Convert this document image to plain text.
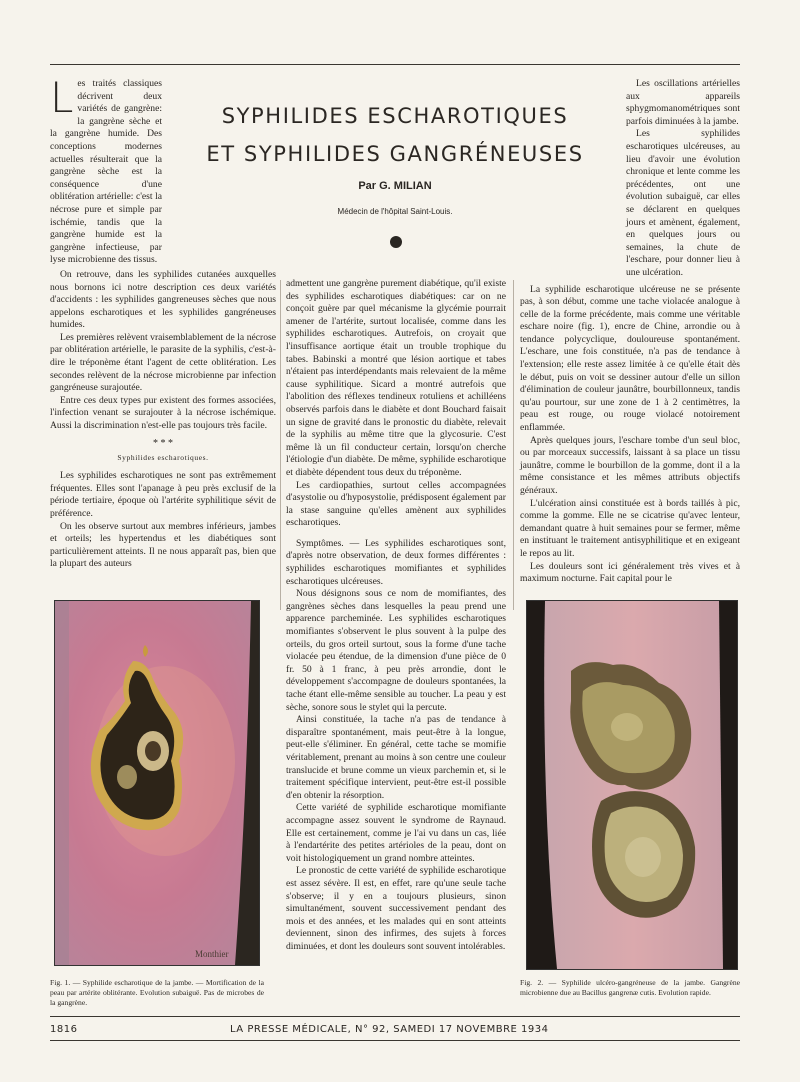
SYPHILIDES ESCHAROTIQUES
ET SYPHILIDES GANGRÉNEUSES
Par G. MILIAN
Médecin de l'hôpital Saint-Louis.
L es traités classiques décrivent deux variétés de gangrène: la gangrène sèche et la gangrène humide. Des conceptions modernes actuelles résulterait que la gangrène sèche est la conséquence d'une oblitération artérielle: c'est la nécrose pure et simple par ischémie, tandis que la gangrène humide est la gangrène infectieuse, par lyse microbienne des tissus.

On retrouve, dans les syphilides cutanées auxquelles nous bornons ici notre description ces deux variétés d'accidents : les syphilides gangreneuses sèches que nous appelons escharotiques et les syphilides gangréneuses humides.

Les premières relèvent vraisemblablement de la nécrose par oblitération artérielle, le parasite de la syphilis, c'est-à-dire le tréponème étant l'agent de cette oblitération. Les secondes relèvent de la nécrose microbienne par infection gangréneuse surajoutée.

Entre ces deux types pur existent des formes associées, l'infection venant se surajouter à la nécrose ischémique. Aussi la discrimination n'est-elle pas toujours très facile.

* * *
Syphilides escharotiques.

Les syphilides escharotiques ne sont pas extrêmement fréquentes. Elles sont l'apanage à peu près exclusif de la période tertiaire, époque où l'artérite syphilitique sévit de préférence.

On les observe surtout aux membres inférieurs, jambes et orteils; les hypertendus et les diabétiques sont particulièrement atteints. Il ne nous apparaît pas, bien que la plupart des auteurs

admettent une gangrène purement diabétique, qu'il existe des syphilides escharotiques diabétiques: car on ne conçoit guère par quel mécanisme la glycémie pourrait amener de l'artérite, surtout localisée, comme dans les syphilides escharotiques. Autrefois, on croyait que l'insuffisance aortique était un trouble trophique du tabes. Babinski a montré que lésion aortique et tabes n'étaient pas interdépendants mais relevaient de la même cause syphilitique. Sicard a montré autrefois que l'abolition des réflexes tendineux rotuliens et achilléens observés parfois dans le diabète et dont Bouchard faisait un signe de gravité dans le pronostic du diabète, relevait de la syphilis au même titre que la glycosurie. C'est même là un fil conducteur certain, lorsqu'on cherche l'étiologie d'un diabète. De même, syphilide escharotique et diabète dépendent tous deux du tréponème.

Les cardiopathies, surtout celles accompagnées d'asystolie ou d'hyposystolie, prédisposent également par la stase sanguine qu'elles amènent aux syphilides escharotiques.

Symptômes. — Les syphilides escharotiques sont, d'après notre observation, de deux formes différentes : syphilides escharotiques momifiantes et syphilides escharotiques ulcéreuses.

Nous désignons sous ce nom de momifiantes, des gangrènes sèches dans lesquelles la peau prend une apparence parcheminée. Les syphilides escharotiques momifiantes s'observent le plus souvent à la pulpe des orteils, du gros orteil surtout, sous la forme d'une tache violacée peu étendue, de la dimension d'une pièce de 0 fr. 50 à 1 franc, à peu près arrondie, dont le développement s'accompagne de douleurs spontanées, la tache étant elle-même sensible au toucher. La peau y est sèche, sonore sous le stylet qui la percute.

Ainsi constituée, la tache n'a pas de tendance à disparaître spontanément, mais peut-être à la longue, peut-elle s'éliminer. En général, cette tache se momifie véritablement, prenant au moins à son centre une couleur translucide et brune comme un vieux parchemin et, si le traitement spécifique intervient, peut-être est-il possible d'en obtenir la résorption.

Cette variété de syphilide escharotique momifiante accompagne assez souvent le syndrome de Raynaud. Elle est certainement, comme je l'ai vu dans un cas, liée à l'endartérite des petites artérioles de la peau, dont on voit histologiquement un grand nombre atteintes.

Le pronostic de cette variété de syphilide escharotique est assez sévère. Il est, en effet, rare qu'une seule tache s'observe; il y en a toujours plusieurs, sinon simultanément, souvent successivement pendant des mois et des années, et les malades qui en sont atteints deviennent, sinon des infirmes, des sujets à forces diminuées, et dont les douleurs sont souvent intolérables.

Les oscillations artérielles aux appareils sphygmomanométriques sont parfois diminuées à la jambe.

Les syphilides escharotiques ulcéreuses, au lieu d'avoir une évolution chronique et lente comme les précédentes, ont une évolution subaiguë, car elles se déclarent en quelques jours et amènent, également, en quelques jours ou semaines, la chute de l'eschare, pour donner lieu à une ulcération.

La syphilide escharotique ulcéreuse ne se présente pas, à son début, comme une tache violacée analogue à celle de la forme précédente, mais comme une véritable eschare noire (fig. 1), encre de Chine, arrondie ou à tendance polycyclique, douloureuse spontanément. L'eschare, une fois constituée, n'a pas de tendance à l'extension; elle reste assez limitée à ce qu'elle était dès le début, puis on voit se dessiner autour d'elle un sillon d'élimination de couleur jaunâtre, bourbillonneux, tandis qu'au pourtour, sur une zone de 1 à 2 centimètres, la peau est rouge, ou rouge violacé notoirement enflammée.

Après quelques jours, l'eschare tombe d'un seul bloc, ou par morceaux successifs, laissant à sa place un tissu jaunâtre, comme le bourbillon de la gomme, dont il a la même consistance et les mêmes attributs objectifs généraux.

L'ulcération ainsi constituée est à bords taillés à pic, comme la gomme. Elle ne se cicatrise qu'avec lenteur, demandant quatre à huit semaines pour se fermer, même en instituant le traitement antisyphilitique et en exigeant le repos au lit.

Les douleurs sont ici généralement très vives et à maximum nocturne. Fait capital pour le

Monthier
Fig. 1. — Syphilide escharotique de la jambe. — Mortification de la peau par artérite oblitérante. Evolution subaiguë. Pas de microbes de la gangrène.
Fig. 2. — Syphilide ulcéro-gangréneuse de la jambe. Gangrène microbienne due au Bacillus gangrenæ cutis. Evolution rapide.
1816	LA PRESSE MÉDICALE, N° 92, SAMEDI 17 NOVEMBRE 1934
